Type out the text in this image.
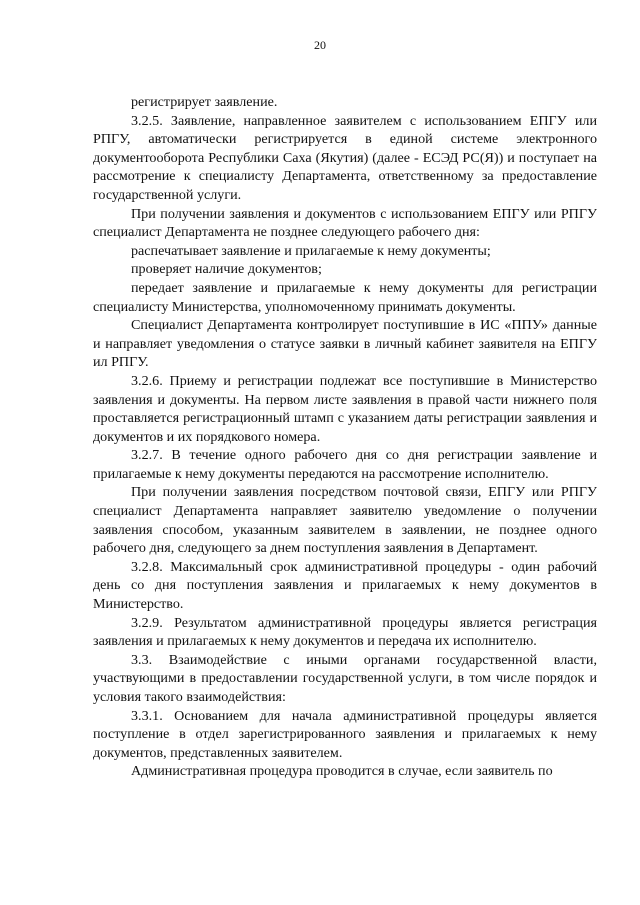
20

регистрирует заявление.

3.2.5. Заявление, направленное заявителем с использованием ЕПГУ или РПГУ, автоматически регистрируется в единой системе электронного документооборота Республики Саха (Якутия) (далее - ЕСЭД РС(Я)) и поступает на рассмотрение к специалисту Департамента, ответственному за предоставление государственной услуги.

При получении заявления и документов с использованием ЕПГУ или РПГУ специалист Департамента не позднее следующего рабочего дня:

распечатывает заявление и прилагаемые к нему документы;

проверяет наличие документов;

передает заявление и прилагаемые к нему документы для регистрации специалисту Министерства, уполномоченному принимать документы.

Специалист Департамента контролирует поступившие в ИС «ППУ» данные и направляет уведомления о статусе заявки в личный кабинет заявителя на ЕПГУ ил РПГУ.

3.2.6. Приему и регистрации подлежат все поступившие в Министерство заявления и документы. На первом листе заявления в правой части нижнего поля проставляется регистрационный штамп с указанием даты регистрации заявления и документов и их порядкового номера.

3.2.7. В течение одного рабочего дня со дня регистрации заявление и прилагаемые к нему документы передаются на рассмотрение исполнителю.

При получении заявления посредством почтовой связи, ЕПГУ или РПГУ специалист Департамента направляет заявителю уведомление о получении заявления способом, указанным заявителем в заявлении, не позднее одного рабочего дня, следующего за днем поступления заявления в Департамент.

3.2.8. Максимальный срок административной процедуры - один рабочий день со дня поступления заявления и прилагаемых к нему документов в Министерство.

3.2.9. Результатом административной процедуры является регистрация заявления и прилагаемых к нему документов и передача их исполнителю.

3.3. Взаимодействие с иными органами государственной власти, участвующими в предоставлении государственной услуги, в том числе порядок и условия такого взаимодействия:

3.3.1. Основанием для начала административной процедуры является поступление в отдел зарегистрированного заявления и прилагаемых к нему документов, представленных заявителем.

Административная процедура проводится в случае, если заявитель по
